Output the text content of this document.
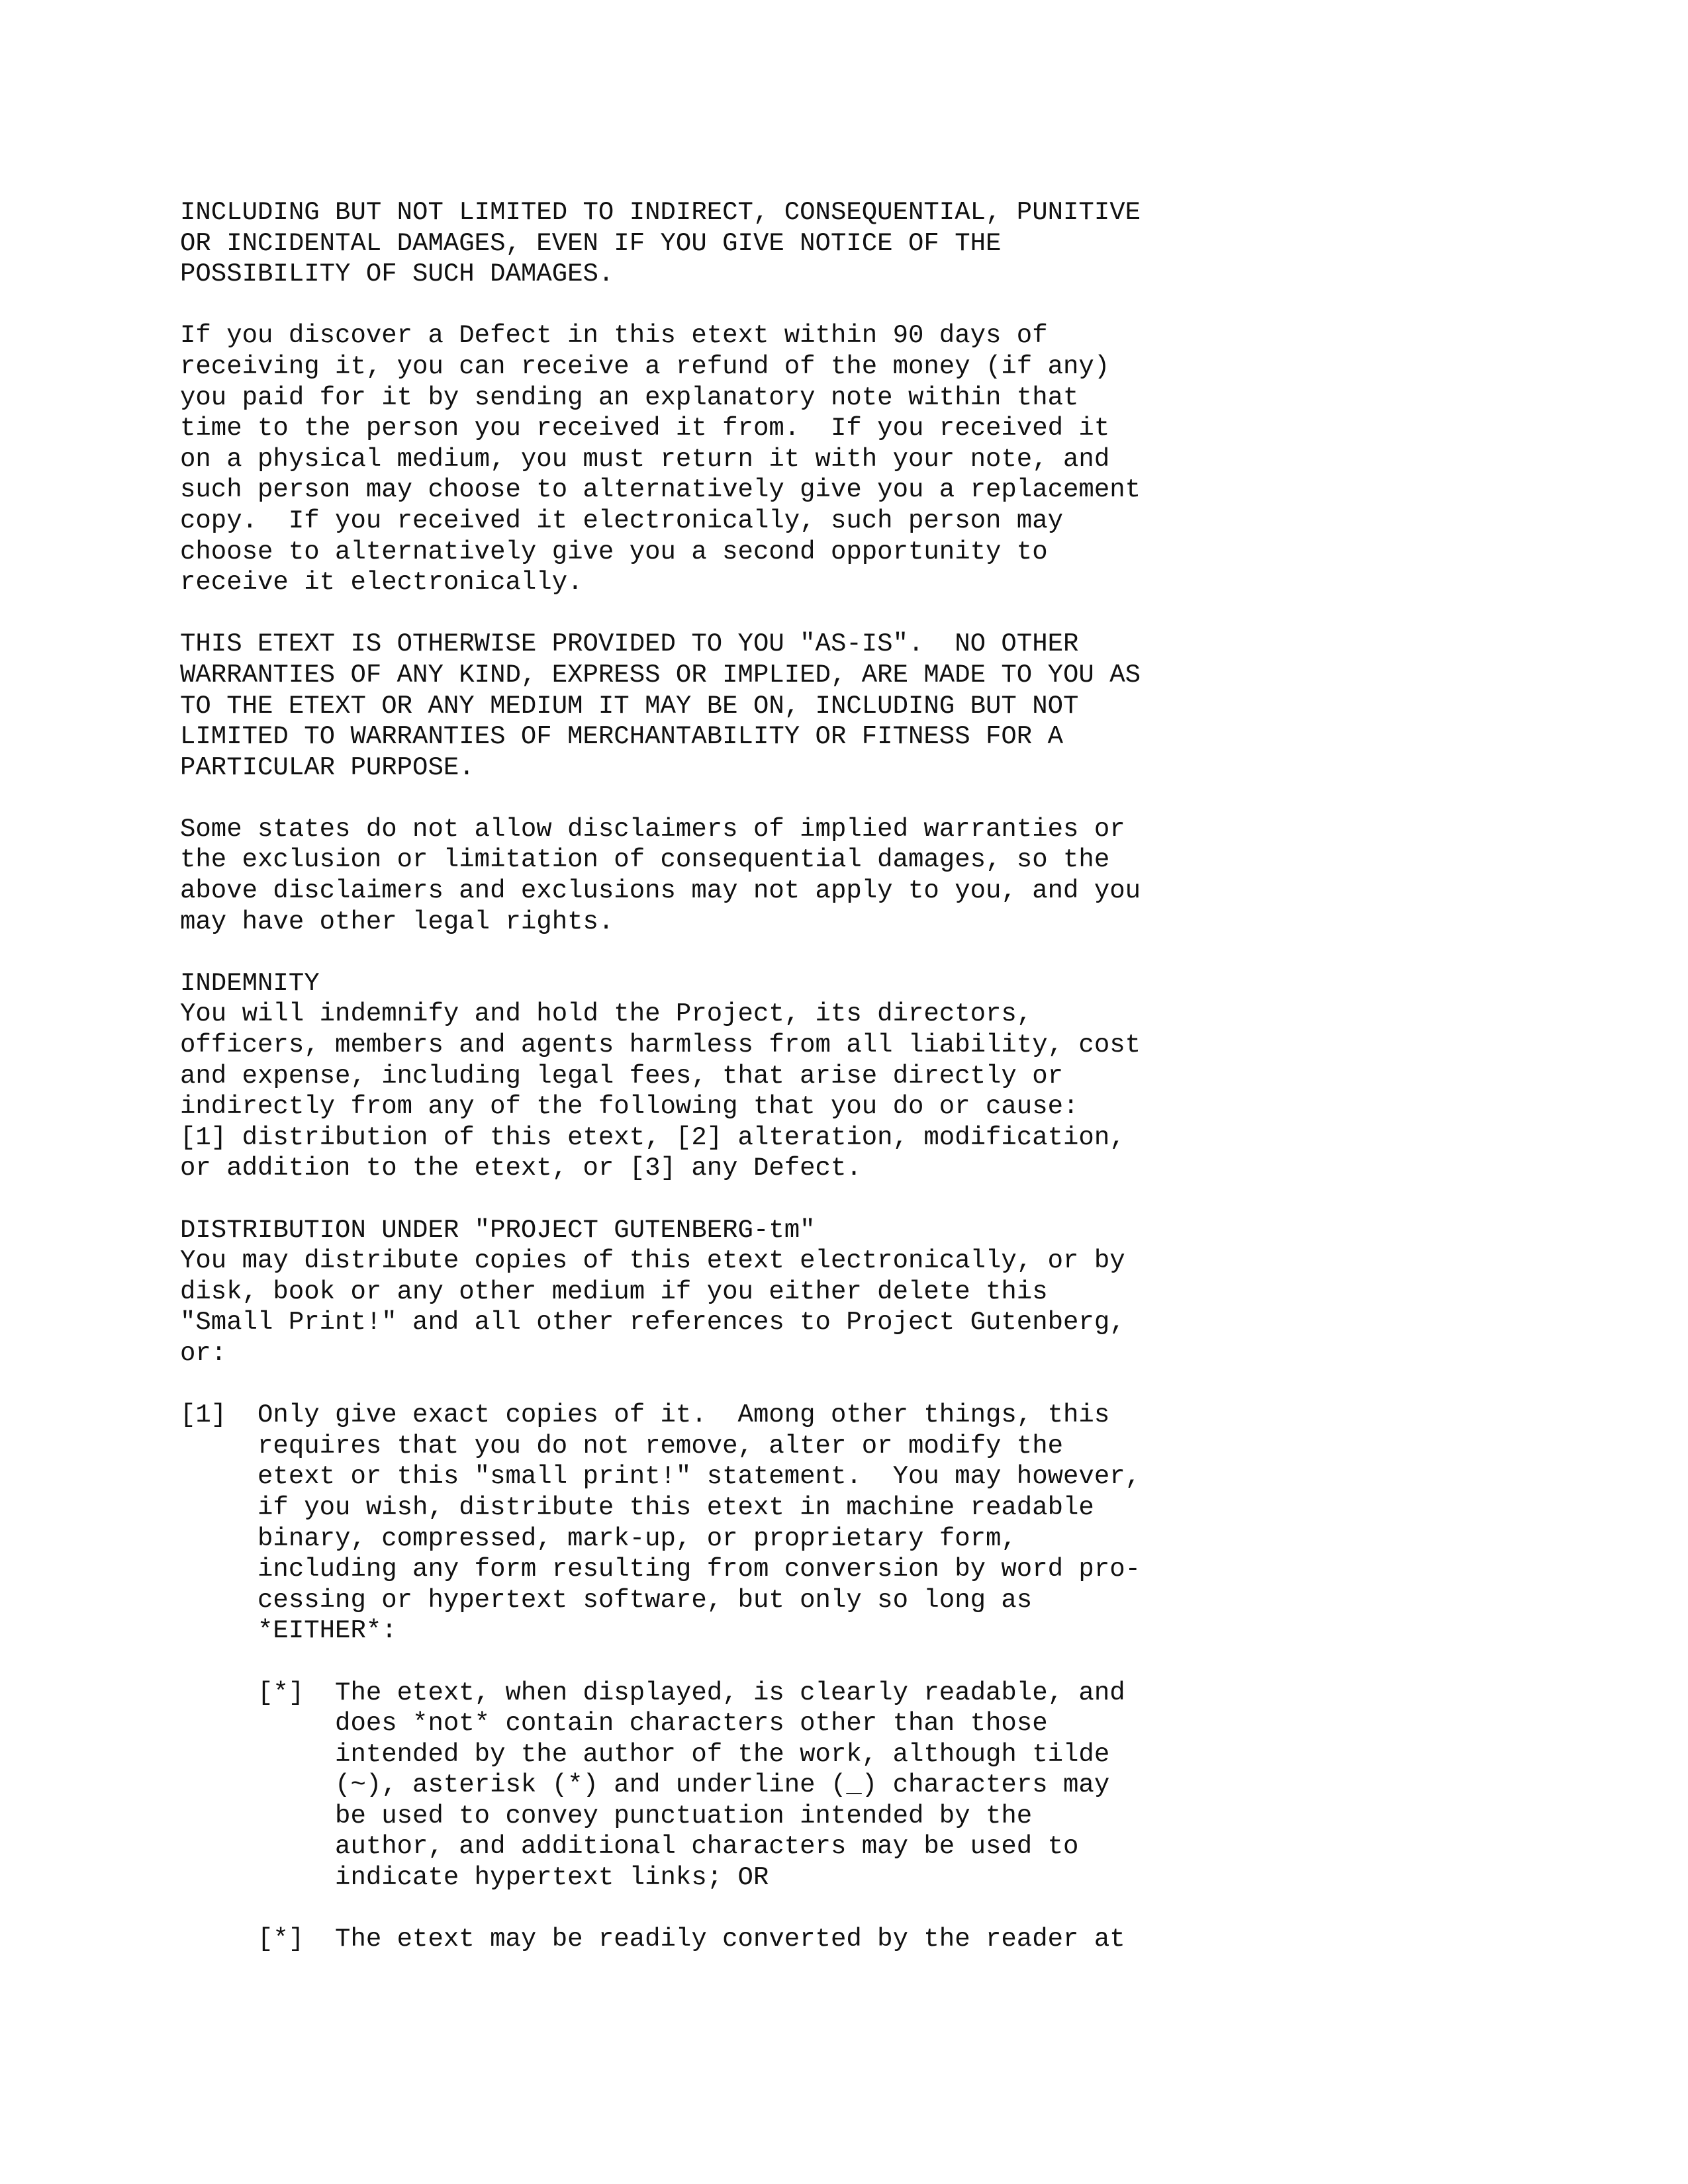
INCLUDING BUT NOT LIMITED TO INDIRECT, CONSEQUENTIAL, PUNITIVE
OR INCIDENTAL DAMAGES, EVEN IF YOU GIVE NOTICE OF THE
POSSIBILITY OF SUCH DAMAGES.
If you discover a Defect in this etext within 90 days of
receiving it, you can receive a refund of the money (if any)
you paid for it by sending an explanatory note within that
time to the person you received it from.  If you received it
on a physical medium, you must return it with your note, and
such person may choose to alternatively give you a replacement
copy.  If you received it electronically, such person may
choose to alternatively give you a second opportunity to
receive it electronically.
THIS ETEXT IS OTHERWISE PROVIDED TO YOU "AS-IS".  NO OTHER
WARRANTIES OF ANY KIND, EXPRESS OR IMPLIED, ARE MADE TO YOU AS
TO THE ETEXT OR ANY MEDIUM IT MAY BE ON, INCLUDING BUT NOT
LIMITED TO WARRANTIES OF MERCHANTABILITY OR FITNESS FOR A
PARTICULAR PURPOSE.
Some states do not allow disclaimers of implied warranties or
the exclusion or limitation of consequential damages, so the
above disclaimers and exclusions may not apply to you, and you
may have other legal rights.
INDEMNITY
You will indemnify and hold the Project, its directors,
officers, members and agents harmless from all liability, cost
and expense, including legal fees, that arise directly or
indirectly from any of the following that you do or cause:
[1] distribution of this etext, [2] alteration, modification,
or addition to the etext, or [3] any Defect.
DISTRIBUTION UNDER "PROJECT GUTENBERG-tm"
You may distribute copies of this etext electronically, or by
disk, book or any other medium if you either delete this
"Small Print!" and all other references to Project Gutenberg,
or:
[1]  Only give exact copies of it.  Among other things, this
requires that you do not remove, alter or modify the
etext or this "small print!" statement.  You may however,
if you wish, distribute this etext in machine readable
binary, compressed, mark-up, or proprietary form,
including any form resulting from conversion by word pro-
cessing or hypertext software, but only so long as
*EITHER*:
[*]  The etext, when displayed, is clearly readable, and
does *not* contain characters other than those
intended by the author of the work, although tilde
(~), asterisk (*) and underline (_) characters may
be used to convey punctuation intended by the
author, and additional characters may be used to
indicate hypertext links; OR
[*]  The etext may be readily converted by the reader at
